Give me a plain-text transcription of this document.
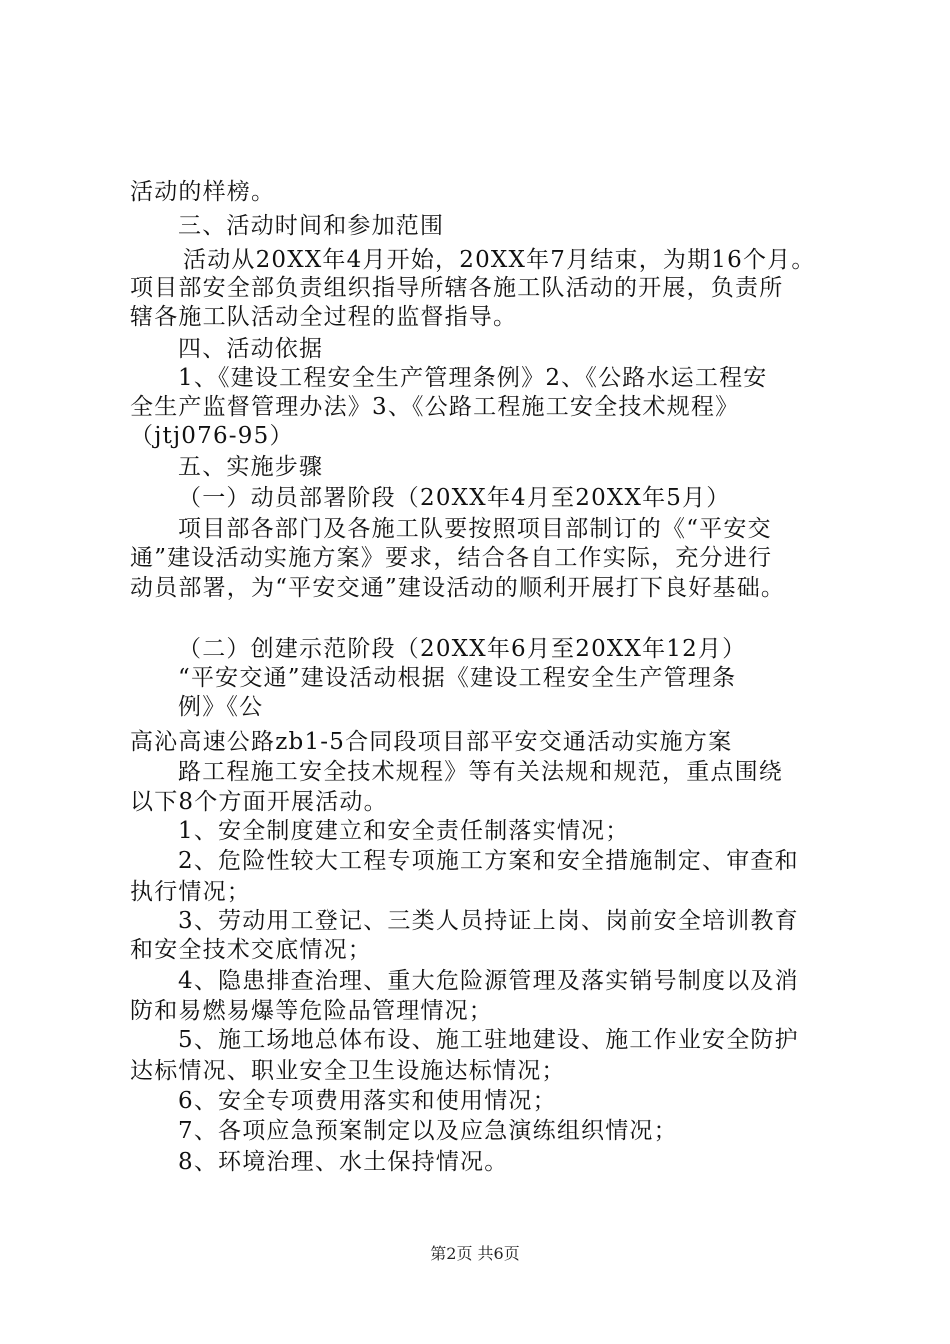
活动的样榜。
三、活动时间和参加范围
活动从20XX年4月开始，20XX年7月结束，为期16个月。
项目部安全部负责组织指导所辖各施工队活动的开展，负责所
辖各施工队活动全过程的监督指导。
四、活动依据
1、《建设工程安全生产管理条例》2、《公路水运工程安
全生产监督管理办法》3、《公路工程施工安全技术规程》
（jtj076-95）
五、实施步骤
（一）动员部署阶段（20XX年4月至20XX年5月）
项目部各部门及各施工队要按照项目部制订的《“平安交
通”建设活动实施方案》要求，结合各自工作实际，充分进行
动员部署，为“平安交通”建设活动的顺利开展打下良好基础。
（二）创建示范阶段（20XX年6月至20XX年12月）
“平安交通”建设活动根据《建设工程安全生产管理条
例》《公
高沁高速公路zb1-5合同段项目部平安交通活动实施方案
路工程施工安全技术规程》等有关法规和规范，重点围绕
以下8个方面开展活动。
1、安全制度建立和安全责任制落实情况；
2、危险性较大工程专项施工方案和安全措施制定、审查和
执行情况；
3、劳动用工登记、三类人员持证上岗、岗前安全培训教育
和安全技术交底情况；
4、隐患排查治理、重大危险源管理及落实销号制度以及消
防和易燃易爆等危险品管理情况；
5、施工场地总体布设、施工驻地建设、施工作业安全防护
达标情况、职业安全卫生设施达标情况；
6、安全专项费用落实和使用情况；
7、各项应急预案制定以及应急演练组织情况；
8、环境治理、水土保持情况。
第2页 共6页
